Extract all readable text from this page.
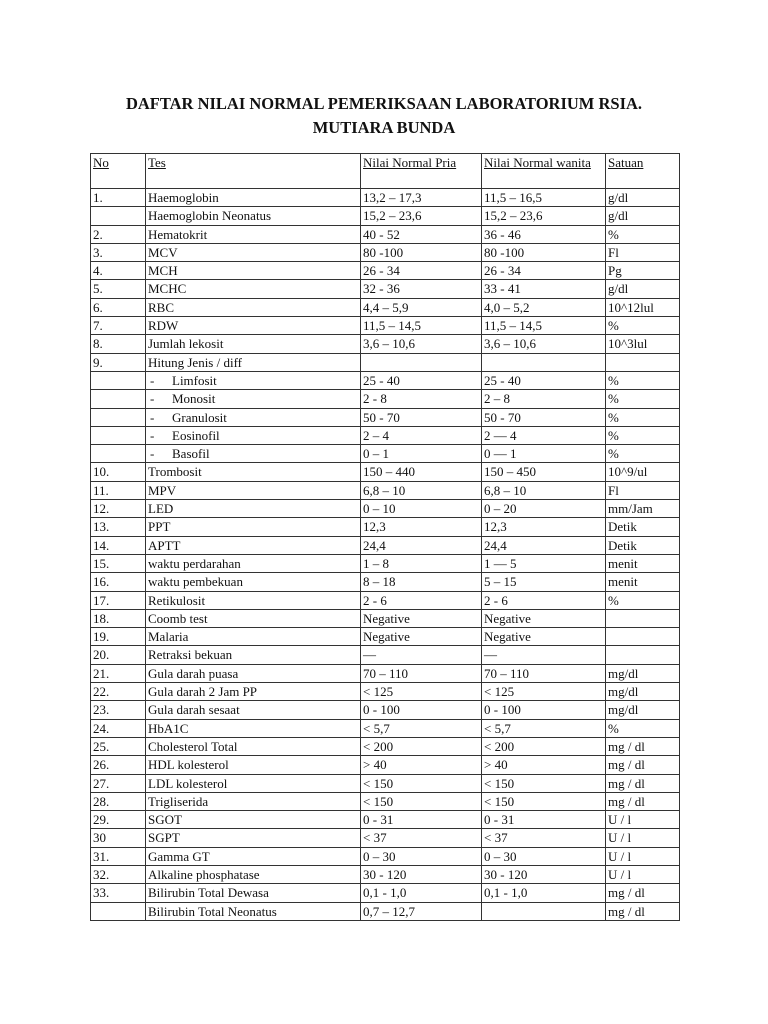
DAFTAR NILAI NORMAL PEMERIKSAAN LABORATORIUM RSIA.
MUTIARA BUNDA
No	Tes	Nilai Normal Pria	Nilai Normal wanita	Satuan
1.	Haemoglobin	13,2 – 17,3	11,5 – 16,5	g/dl
	Haemoglobin Neonatus	15,2 – 23,6	15,2 – 23,6	g/dl
2.	Hematokrit	40 - 52	36 - 46	%
3.	MCV	80 -100	80 -100	Fl
4.	MCH	26 - 34	26 - 34	Pg
5.	MCHC	32 - 36	33 - 41	g/dl
6.	RBC	4,4 – 5,9	4,0 – 5,2	10^12lul
7.	RDW	11,5 – 14,5	11,5 – 14,5	%
8.	Jumlah lekosit	3,6 – 10,6	3,6 – 10,6	10^3lul
9.	Hitung Jenis / diff			
	- Limfosit	25 - 40	25 - 40	%
	- Monosit	2 - 8	2 – 8	%
	- Granulosit	50 - 70	50 - 70	%
	- Eosinofil	2 – 4	2 — 4	%
	- Basofil	0 – 1	0 — 1	%
10.	Trombosit	150 – 440	150 – 450	10^9/ul
11.	MPV	6,8 – 10	6,8 – 10	Fl
12.	LED	0 – 10	0 – 20	mm/Jam
13.	PPT	12,3	12,3	Detik
14.	APTT	24,4	24,4	Detik
15.	waktu perdarahan	1 – 8	1 — 5	menit
16.	waktu pembekuan	8 – 18	5 – 15	menit
17.	Retikulosit	2 - 6	2 - 6	%
18.	Coomb test	Negative	Negative	
19.	Malaria	Negative	Negative	
20.	Retraksi bekuan	—	—	
21.	Gula darah puasa	70 – 110	70 – 110	mg/dl
22.	Gula darah 2 Jam PP	< 125	< 125	mg/dl
23.	Gula darah sesaat	0 - 100	0 - 100	mg/dl
24.	HbA1C	< 5,7	< 5,7	%
25.	Cholesterol Total	< 200	< 200	mg / dl
26.	HDL kolesterol	> 40	> 40	mg / dl
27.	LDL kolesterol	< 150	< 150	mg / dl
28.	Trigliserida	< 150	< 150	mg / dl
29.	SGOT	0 - 31	0 - 31	U / l
30	SGPT	< 37	< 37	U / l
31.	Gamma GT	0 – 30	0 – 30	U / l
32.	Alkaline phosphatase	30 - 120	30 - 120	U / l
33.	Bilirubin Total Dewasa	0,1 - 1,0	0,1 - 1,0	mg / dl
	Bilirubin Total Neonatus	0,7 – 12,7		mg / dl
